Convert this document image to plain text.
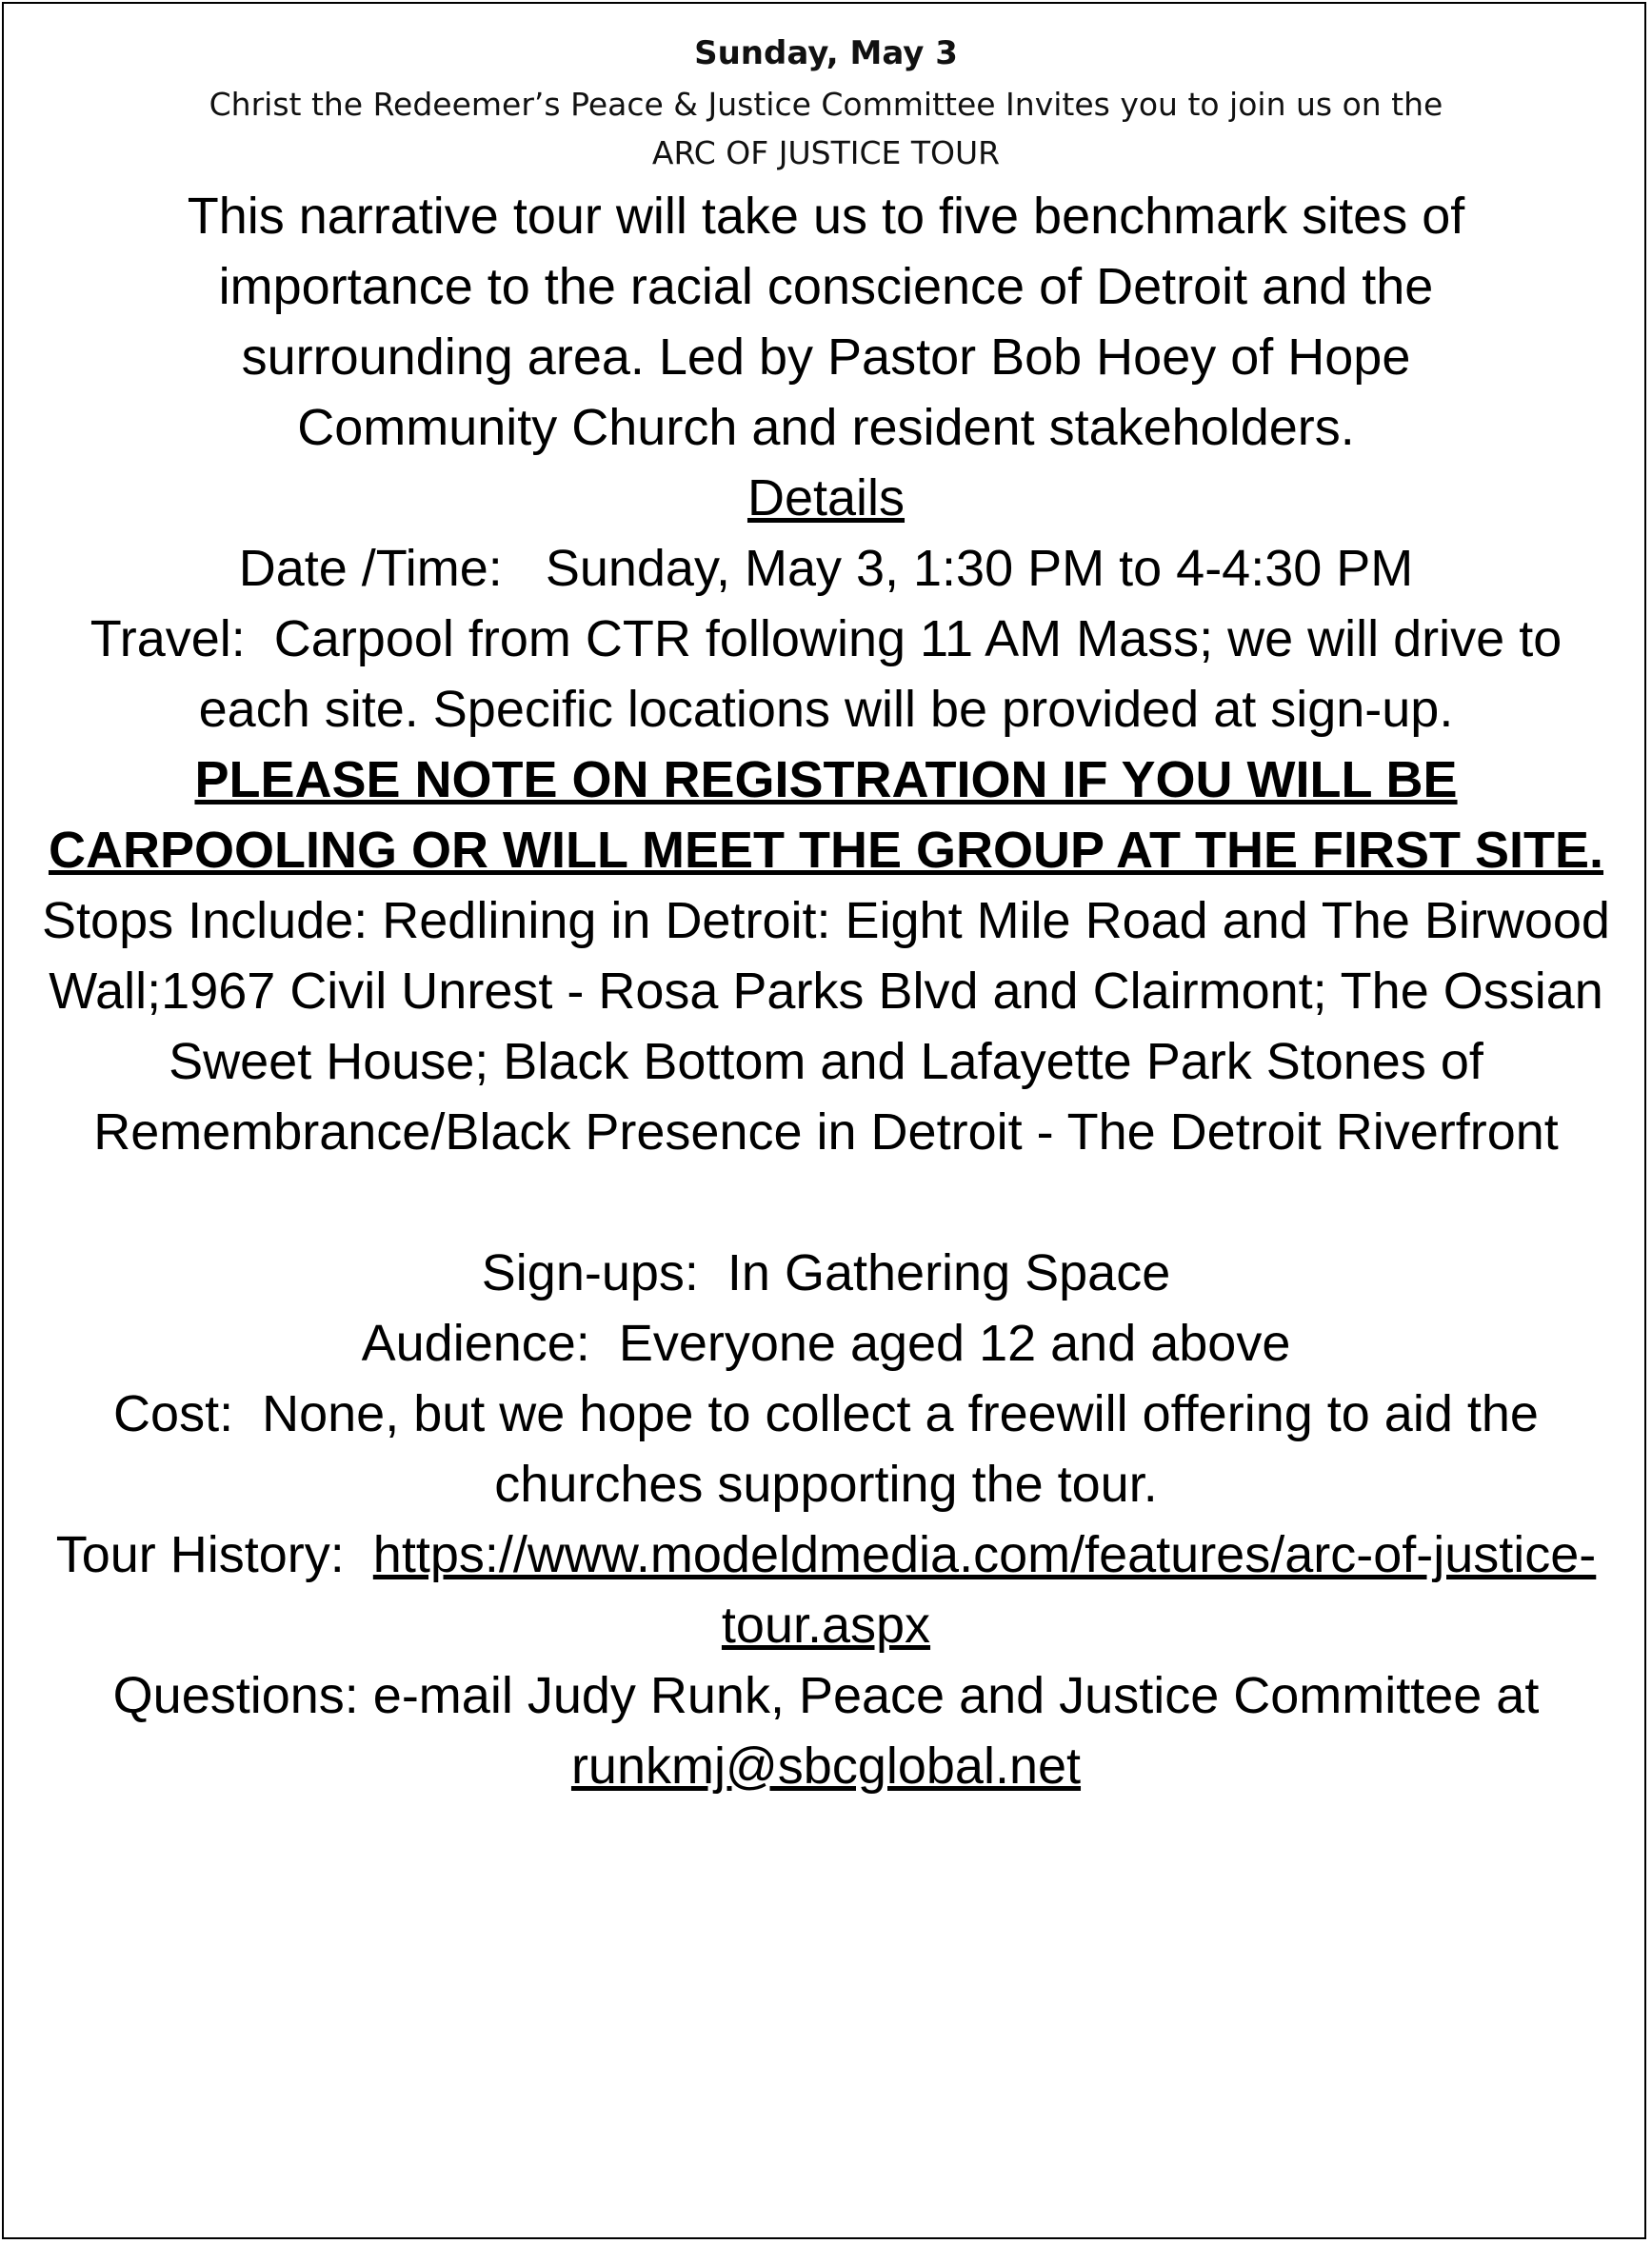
Sunday, May 3
Christ the Redeemer’s Peace & Justice Committee Invites you to join us on the
ARC OF JUSTICE TOUR
This narrative tour will take us to five benchmark sites of importance to the racial conscience of Detroit and the surrounding area. Led by Pastor Bob Hoey of Hope Community Church and resident stakeholders.
Details
Date /Time: Sunday, May 3, 1:30 PM to 4-4:30 PM
Travel: Carpool from CTR following 11 AM Mass; we will drive to each site. Specific locations will be provided at sign-up.
PLEASE NOTE ON REGISTRATION IF YOU WILL BE CARPOOLING OR WILL MEET THE GROUP AT THE FIRST SITE.
Stops Include: Redlining in Detroit: Eight Mile Road and The Birwood Wall;1967 Civil Unrest - Rosa Parks Blvd and Clairmont; The Ossian Sweet House; Black Bottom and Lafayette Park Stones of Remembrance/Black Presence in Detroit - The Detroit Riverfront
Sign-ups: In Gathering Space
Audience: Everyone aged 12 and above
Cost: None, but we hope to collect a freewill offering to aid the churches supporting the tour.
Tour History: https://www.modeldmedia.com/features/arc-of-justice-tour.aspx
Questions: e-mail Judy Runk, Peace and Justice Committee at
runkmj@sbcglobal.net
